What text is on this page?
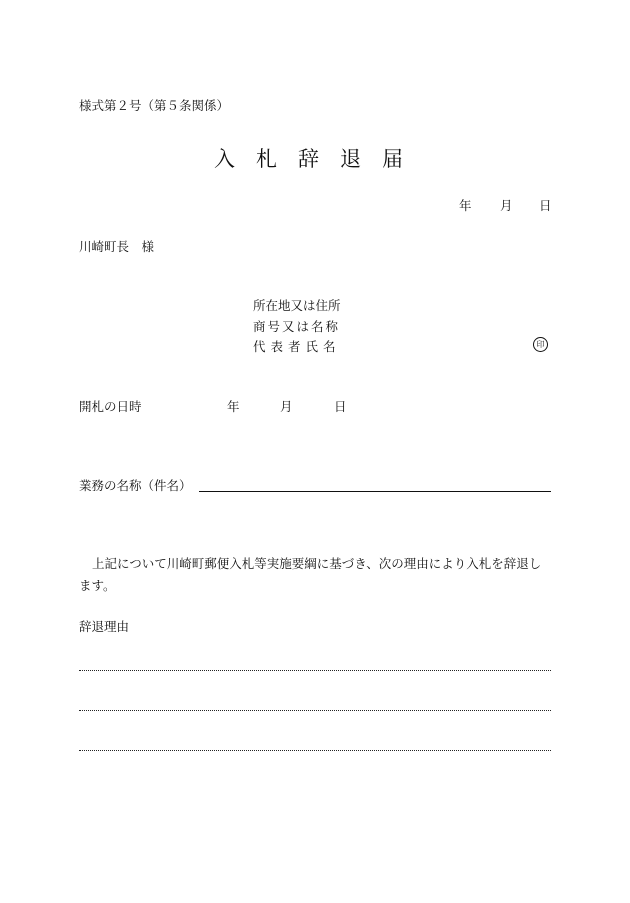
様式第２号（第５条関係）
入札辞退届
年 月 日
川崎町長　様
所在地又は住所
商号又は名称
代表者氏名	印
開札の日時	年	月	日
業務の名称（件名）
上記について川崎町郵便入札等実施要綱に基づき、次の理由により入札を辞退します。
辞退理由
